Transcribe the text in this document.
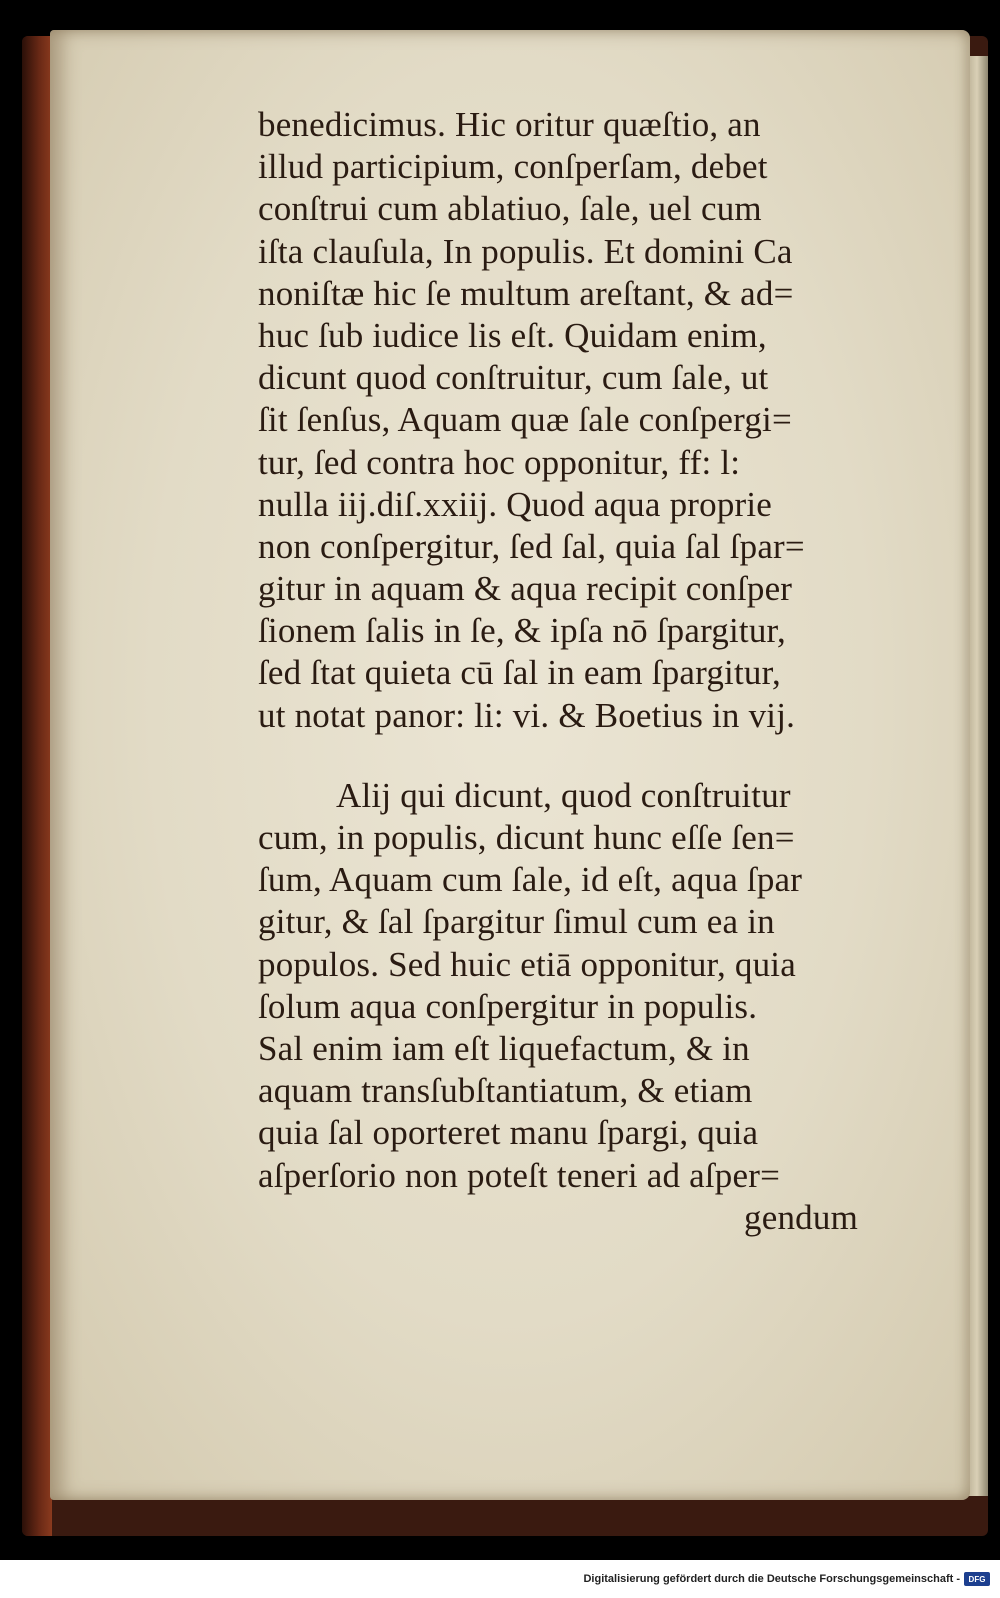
benedicimus. Hic oritur quæſtio, an
illud participium, conſperſam, debet
conſtrui cum ablatiuo, ſale, uel cum
iſta clauſula, In populis. Et domini Ca
noniſtæ hic ſe multum areſtant, & ad=
huc ſub iudice lis eſt. Quidam enim,
dicunt quod conſtruitur, cum ſale, ut
ſit ſenſus, Aquam quæ ſale conſpergi=
tur, ſed contra hoc opponitur, ff: l:
nulla iij.diſ.xxiij. Quod aqua proprie
non conſpergitur, ſed ſal, quia ſal ſpar=
gitur in aquam & aqua recipit conſper
ſionem ſalis in ſe, & ipſa nō ſpargitur,
ſed ſtat quieta cū ſal in eam ſpargitur,
ut notat panor: li: vi. & Boetius in vij.
Alij qui dicunt, quod conſtruitur
cum, in populis, dicunt hunc eſſe ſen=
ſum, Aquam cum ſale, id eſt, aqua ſpar
gitur, & ſal ſpargitur ſimul cum ea in
populos. Sed huic etiā opponitur, quia
ſolum aqua conſpergitur in populis.
Sal enim iam eſt liquefactum, & in
aquam transſubſtantiatum, & etiam
quia ſal oporteret manu ſpargi, quia
aſperſorio non poteſt teneri ad aſper=
gendum
Digitalisierung gefördert durch die Deutsche Forschungsgemeinschaft -	DFG
